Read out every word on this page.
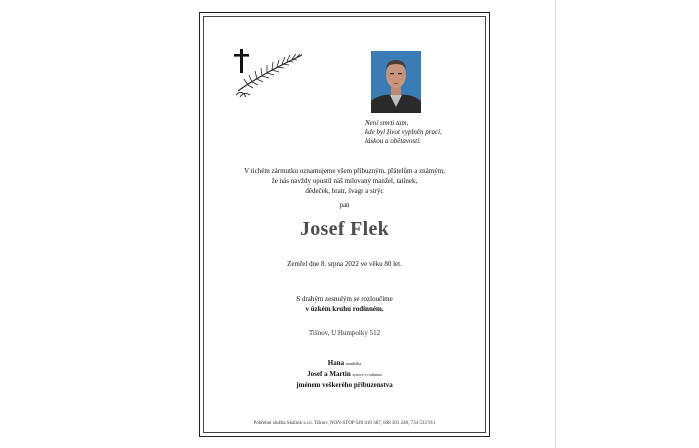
Není smrti tam,
kde byl život vyplněn prací,
láskou a obětavostí.
V tichém zármutku oznamujeme všem příbuzným, přátelům a známým,
že nás navždy opustil náš milovaný manžel, tatínek,
dědeček, bratr, švagr a strýc
pan
Josef Flek
Zemřel dne 8. srpna 2022 ve věku 80 let.
S drahým zesnulým se rozloučíme
v úzkém kruhu rodinném.
Tišnov, U Humpolky 512
Hana manželka
Josef a Martin synové s rodinami
jménem veškerého příbuzenstva
Pohřební služba Skalník s.r.o. Tišnov, NON-STOP 549 410 387, 608 301 240, 734 533 911
